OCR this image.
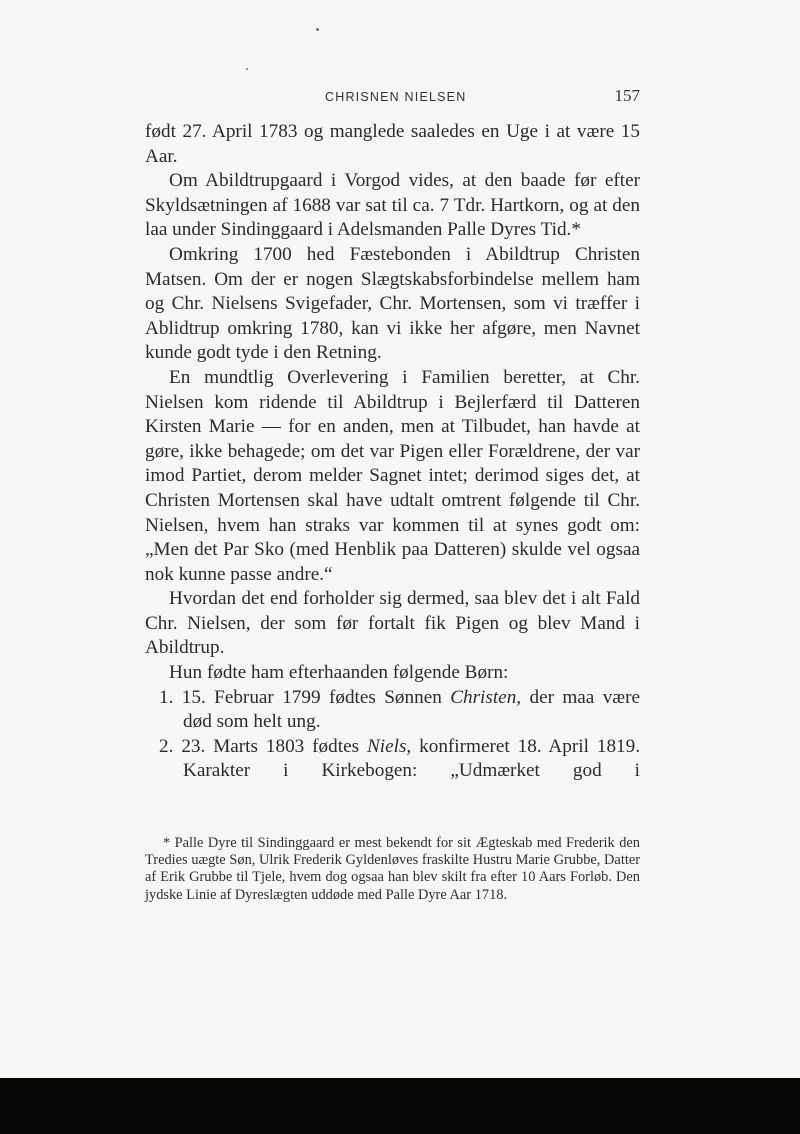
CHRISNEN NIELSEN	157

født 27. April 1783 og manglede saaledes en Uge i at være 15 Aar.

Om Abildtrupgaard i Vorgod vides, at den baade før efter Skyldsætningen af 1688 var sat til ca. 7 Tdr. Hartkorn, og at den laa under Sindinggaard i Adelsmanden Palle Dyres Tid.*

Omkring 1700 hed Fæstebonden i Abildtrup Christen Matsen. Om der er nogen Slægtskabsforbindelse mellem ham og Chr. Nielsens Svigefader, Chr. Mortensen, som vi træffer i Ablidtrup omkring 1780, kan vi ikke her afgøre, men Navnet kunde godt tyde i den Retning.

En mundtlig Overlevering i Familien beretter, at Chr. Nielsen kom ridende til Abildtrup i Bejlerfærd til Datteren Kirsten Marie — for en anden, men at Tilbudet, han havde at gøre, ikke behagede; om det var Pigen eller Forældrene, der var imod Partiet, derom melder Sagnet intet; derimod siges det, at Christen Mortensen skal have udtalt omtrent følgende til Chr. Nielsen, hvem han straks var kommen til at synes godt om: „Men det Par Sko (med Henblik paa Datteren) skulde vel ogsaa nok kunne passe andre.“

Hvordan det end forholder sig dermed, saa blev det i alt Fald Chr. Nielsen, der som før fortalt fik Pigen og blev Mand i Abildtrup.

Hun fødte ham efterhaanden følgende Børn:

1. 15. Februar 1799 fødtes Sønnen Christen, der maa være død som helt ung.

2. 23. Marts 1803 fødtes Niels, konfirmeret 18. April 1819. Karakter i Kirkebogen: „Udmærket god i

* Palle Dyre til Sindinggaard er mest bekendt for sit Ægteskab med Frederik den Tredies uægte Søn, Ulrik Frederik Gyldenløves fraskilte Hustru Marie Grubbe, Datter af Erik Grubbe til Tjele, hvem dog ogsaa han blev skilt fra efter 10 Aars Forløb. Den jydske Linie af Dyreslægten uddøde med Palle Dyre Aar 1718.
